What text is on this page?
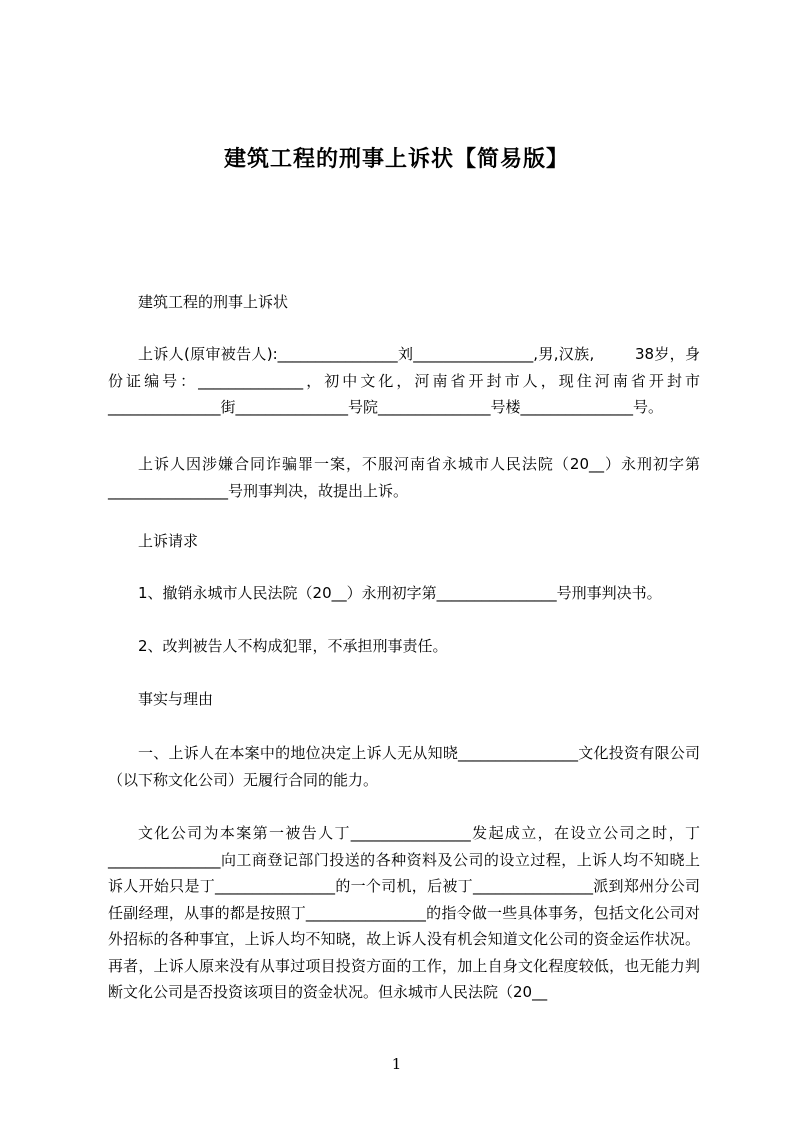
建筑工程的刑事上诉状【简易版】
建筑工程的刑事上诉状
上诉人(原审被告人):________________刘________________,男,汉族,        38岁，身份证编号：______________，初中文化，河南省开封市人，现住河南省开封市_______________街_______________号院_______________号楼_______________号。
上诉人因涉嫌合同诈骗罪一案，不服河南省永城市人民法院（20__）永刑初字第________________号刑事判决，故提出上诉。
上诉请求
1、撤销永城市人民法院（20__）永刑初字第________________号刑事判决书。
2、改判被告人不构成犯罪，不承担刑事责任。
事实与理由
一、上诉人在本案中的地位决定上诉人无从知晓________________文化投资有限公司（以下称文化公司）无履行合同的能力。
文化公司为本案第一被告人丁________________发起成立，在设立公司之时，丁_______________向工商登记部门投送的各种资料及公司的设立过程，上诉人均不知晓上诉人开始只是丁________________的一个司机，后被丁________________派到郑州分公司任副经理，从事的都是按照丁________________的指令做一些具体事务，包括文化公司对外招标的各种事宜，上诉人均不知晓，故上诉人没有机会知道文化公司的资金运作状况。再者，上诉人原来没有从事过项目投资方面的工作，加上自身文化程度较低，也无能力判断文化公司是否投资该项目的资金状况。但永城市人民法院（20__
1
